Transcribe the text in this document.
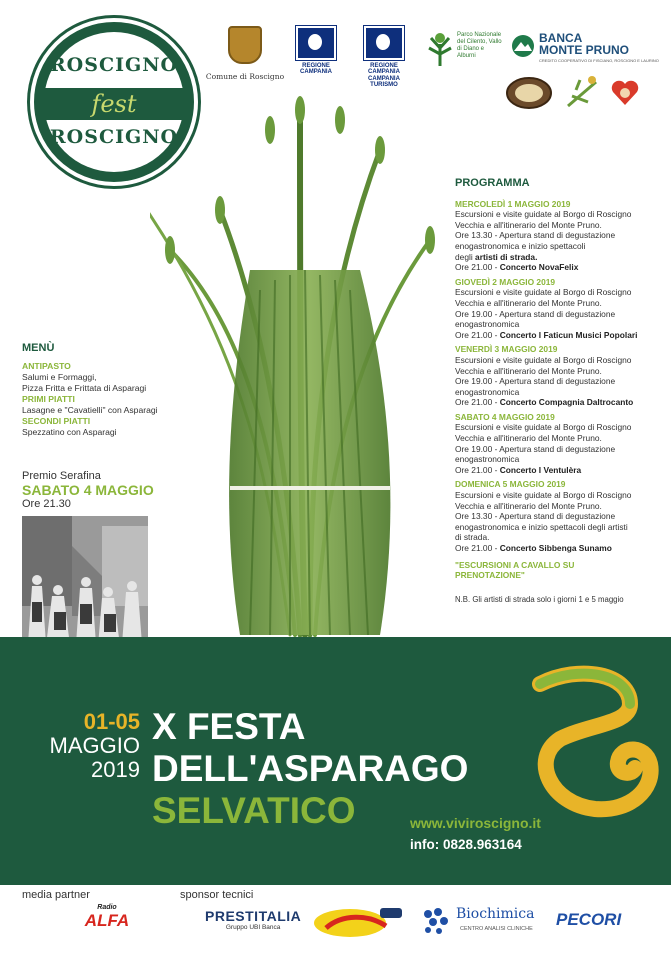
ROSCIGNO
fest
ROSCIGNO
Comune di Roscigno
REGIONE CAMPANIA
REGIONE CAMPANIA
CAMPANIA TURISMO
Parco Nazionale del Cilento, Vallo di Diano e Alburni
BANCA
MONTE PRUNO
CREDITO COOPERATIVO DI FISCIANO, ROSCIGNO E LAURINO
PROGRAMMA
MERCOLEDÌ 1 MAGGIO 2019
Escursioni e visite guidate al Borgo di Roscigno
Vecchia e all'itinerario del Monte Pruno.
Ore 13.30 - Apertura stand di degustazione
enogastronomica e inizio spettacoli
degli artisti di strada.
Ore 21.00 - Concerto NovaFelix
GIOVEDÌ 2 MAGGIO 2019
Escursioni e visite guidate al Borgo di Roscigno
Vecchia e all'itinerario del Monte Pruno.
Ore 19.00 - Apertura stand di degustazione
enogastronomica
Ore 21.00 - Concerto I Faticun Musici Popolari
VENERDÌ 3 MAGGIO 2019
Escursioni e visite guidate al Borgo di Roscigno
Vecchia e all'itinerario del Monte Pruno.
Ore 19.00 - Apertura stand di degustazione
enogastronomica
Ore 21.00 - Concerto Compagnia Daltrocanto
SABATO 4 MAGGIO 2019
Escursioni e visite guidate al Borgo di Roscigno
Vecchia e all'itinerario del Monte Pruno.
Ore 19.00 - Apertura stand di degustazione
enogastronomica
Ore 21.00 - Concerto I Ventulèra
DOMENICA 5 MAGGIO 2019
Escursioni e visite guidate al Borgo di Roscigno
Vecchia e all'itinerario del Monte Pruno.
Ore 13.30 - Apertura stand di degustazione
enogastronomica e inizio spettacoli degli artisti
di strada.
Ore 21.00 - Concerto Sibbenga Sunamo
"ESCURSIONI A CAVALLO SU
PRENOTAZIONE"
N.B. Gli artisti di strada solo i giorni 1 e 5 maggio
MENÙ
ANTIPASTO
Salumi e Formaggi,
Pizza Fritta e Frittata di Asparagi
PRIMI PIATTI
Lasagne e "Cavatielli" con Asparagi
SECONDI PIATTI
Spezzatino con Asparagi
Premio Serafina
SABATO 4 MAGGIO
Ore 21.30
01-05
MAGGIO
2019
X FESTA
DELL'ASPARAGO
SELVATICO	www.viviroscigno.it
info: 0828.963164
media partner	sponsor tecnici
Radio
ALFA	PRESTITALIA
Gruppo UBI Banca
Biochimica
CENTRO ANALISI CLINICHE PECORI
